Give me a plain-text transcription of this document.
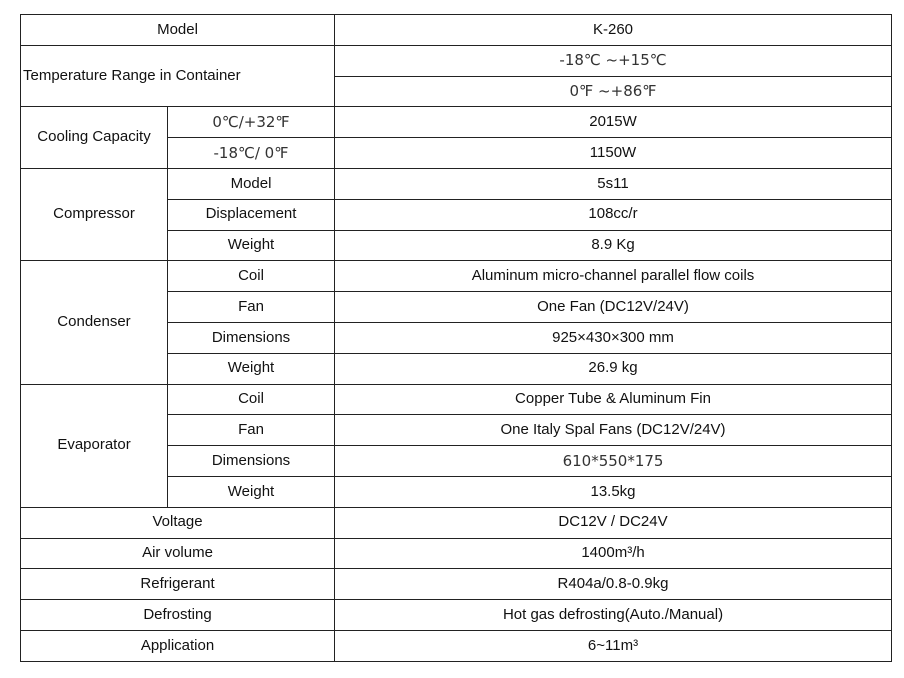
Model		K-260
Temperature Range in Container		-18℃ ~+15℃
		0℉ ~+86℉
Cooling Capacity	0℃/+32℉	2015W
	-18℃/ 0℉	1150W
Compressor	Model	5s11
	Displacement	108cc/r
	Weight	8.9 Kg
Condenser	Coil	Aluminum micro-channel parallel flow coils
	Fan	One Fan (DC12V/24V)
	Dimensions	925×430×300 mm
	Weight	26.9 kg
Evaporator	Coil	Copper Tube & Aluminum Fin
	Fan	One Italy Spal Fans (DC12V/24V)
	Dimensions	610*550*175
	Weight	13.5kg
Voltage		DC12V / DC24V
Air volume		1400m³/h
Refrigerant		R404a/0.8-0.9kg
Defrosting		Hot gas defrosting(Auto./Manual)
Application		6~11m³
